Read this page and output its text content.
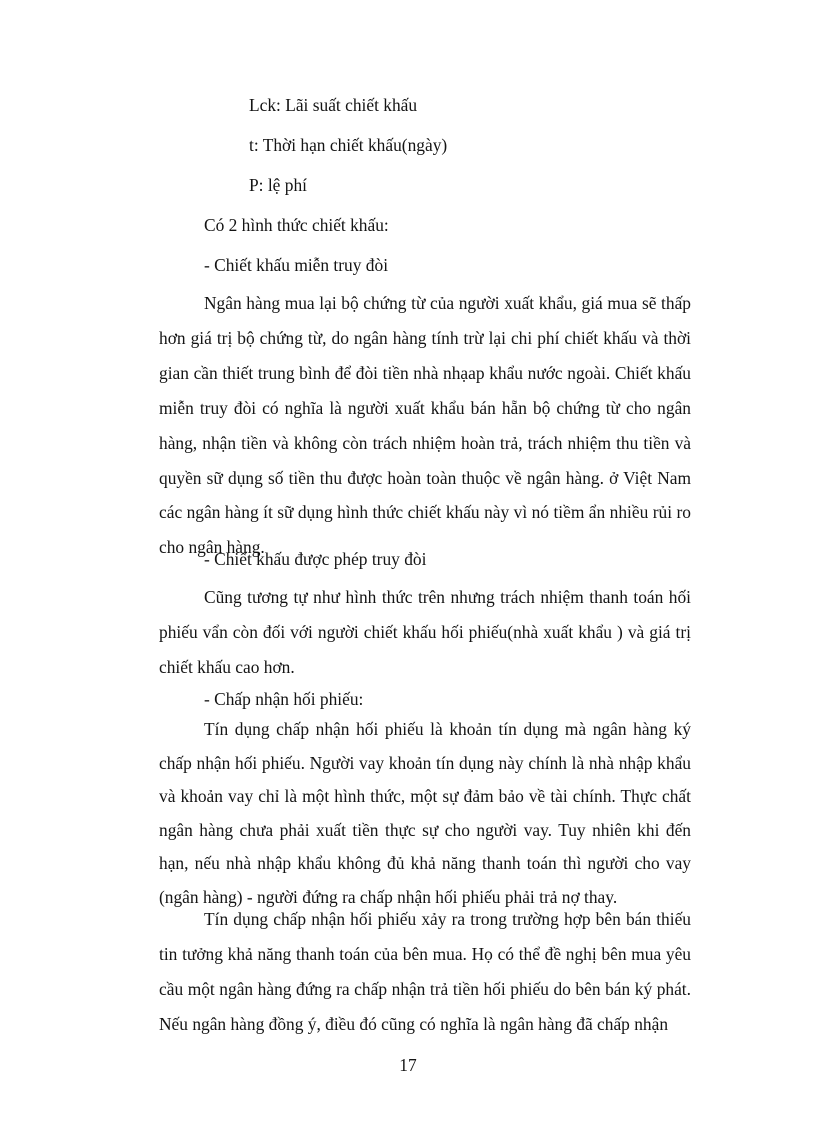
Lck: Lãi suất chiết khấu
t: Thời hạn chiết khấu(ngày)
P: lệ phí
Có 2 hình thức chiết khấu:
- Chiết khấu miễn truy đòi

Ngân hàng mua lại bộ chứng từ của người xuất khẩu, giá mua sẽ thấp hơn giá trị bộ chứng từ, do ngân hàng tính trừ lại chi phí chiết khấu và thời gian cần thiết trung bình để đòi tiền nhà nhạap khẩu nước ngoài. Chiết khấu miễn truy đòi có nghĩa là người xuất khẩu bán hẵn bộ chứng từ cho ngân hàng, nhận tiền và không còn trách nhiệm hoàn trả, trách nhiệm thu tiền và quyền sữ dụng số tiền thu được hoàn toàn thuộc về ngân hàng. ở Việt Nam các ngân hàng ít sữ dụng hình thức chiết khấu này vì nó tiềm ẩn nhiều rủi ro cho ngân hàng.

- Chiết khấu được phép truy đòi

Cũng tương tự như hình thức trên nhưng trách nhiệm thanh toán hối phiếu vẩn còn đối với người chiết khấu hối phiếu(nhà xuất khẩu ) và giá trị chiết khấu cao hơn.

- Chấp nhận hối phiếu:

Tín dụng chấp nhận hối phiếu là khoản tín dụng mà ngân hàng ký chấp nhận hối phiếu. Người vay khoản tín dụng này chính là nhà nhập khẩu và khoản vay chỉ là một hình thức, một sự đảm bảo về tài chính. Thực chất ngân hàng chưa phải xuất tiền thực sự cho người vay. Tuy nhiên khi đến hạn, nếu nhà nhập khẩu không đủ khả năng thanh toán thì người cho vay (ngân hàng) - người đứng ra chấp nhận hối phiếu phải trả nợ thay.

Tín dụng chấp nhận hối phiếu xảy ra trong trường hợp bên bán thiếu tin tưởng khả năng thanh toán của bên mua. Họ có thể đề nghị bên mua yêu cầu một ngân hàng đứng ra chấp nhận trả tiền hối phiếu do bên bán ký phát. Nếu ngân hàng đồng ý, điều đó cũng có nghĩa là ngân hàng đã chấp nhận

17
